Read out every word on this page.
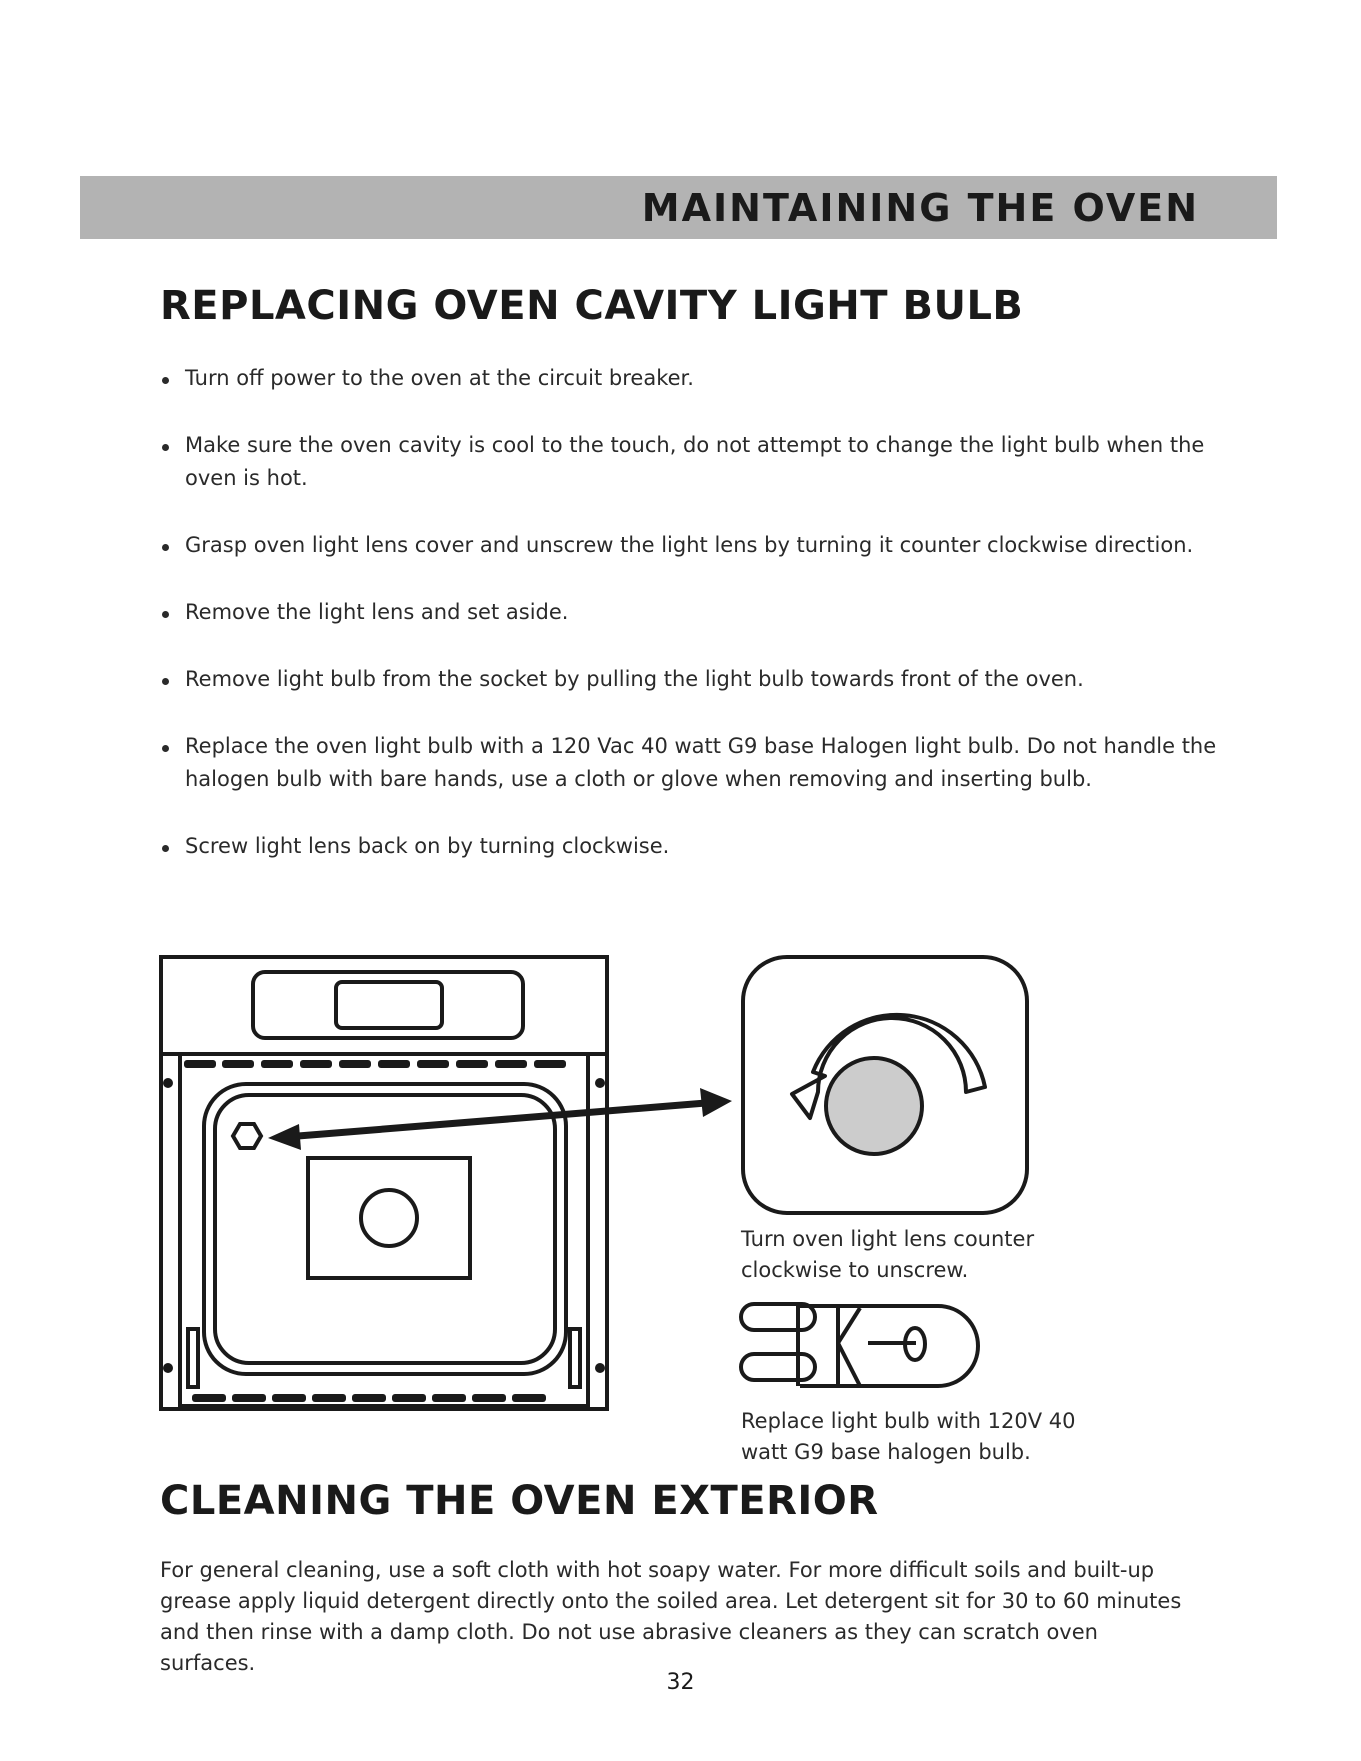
MAINTAINING THE OVEN
REPLACING OVEN CAVITY LIGHT BULB
Turn off power to the oven at the circuit breaker.
Make sure the oven cavity is cool to the touch, do not attempt to change the light bulb when the oven is hot.
Grasp oven light lens cover and unscrew the light lens by turning it counter clockwise direction.
Remove the light lens and set aside.
Remove light bulb from the socket by pulling the light bulb towards front of the oven.
Replace the oven light bulb with a 120 Vac 40 watt G9 base Halogen light bulb. Do not handle the halogen bulb with bare hands, use a cloth or glove when removing and inserting bulb.
Screw light lens back on by turning clockwise.

Turn oven light lens counter clockwise to unscrew.

Replace light bulb with 120V 40 watt G9 base halogen bulb.

CLEANING THE OVEN EXTERIOR

For general cleaning, use a soft cloth with hot soapy water. For more difficult soils and built-up grease apply liquid detergent directly onto the soiled area. Let detergent sit for 30 to 60 minutes and then rinse with a damp cloth. Do not use abrasive cleaners as they can scratch oven surfaces.

32
